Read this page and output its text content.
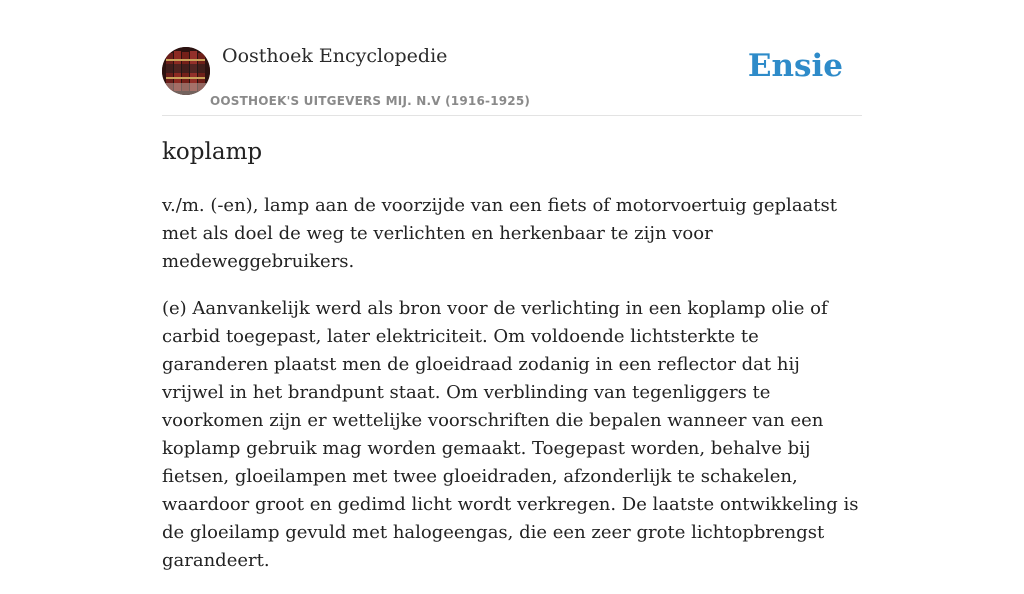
Oosthoek Encyclopedie
OOSTHOEK'S UITGEVERS MIJ. N.V (1916-1925)
Ensie
koplamp

v./m. (-en), lamp aan de voorzijde van een fiets of motorvoertuig geplaatst met als doel de weg te verlichten en herkenbaar te zijn voor medeweggebruikers.

(e) Aanvankelijk werd als bron voor de verlichting in een koplamp olie of carbid toegepast, later elektriciteit. Om voldoende lichtsterkte te garanderen plaatst men de gloeidraad zodanig in een reflector dat hij vrijwel in het brandpunt staat. Om verblinding van tegenliggers te voorkomen zijn er wettelijke voorschriften die bepalen wanneer van een koplamp gebruik mag worden gemaakt. Toegepast worden, behalve bij fietsen, gloeilampen met twee gloeidraden, afzonderlijk te schakelen, waardoor groot en gedimd licht wordt verkregen. De laatste ontwikkeling is de gloeilamp gevuld met halogeengas, die een zeer grote lichtopbrengst garandeert.
